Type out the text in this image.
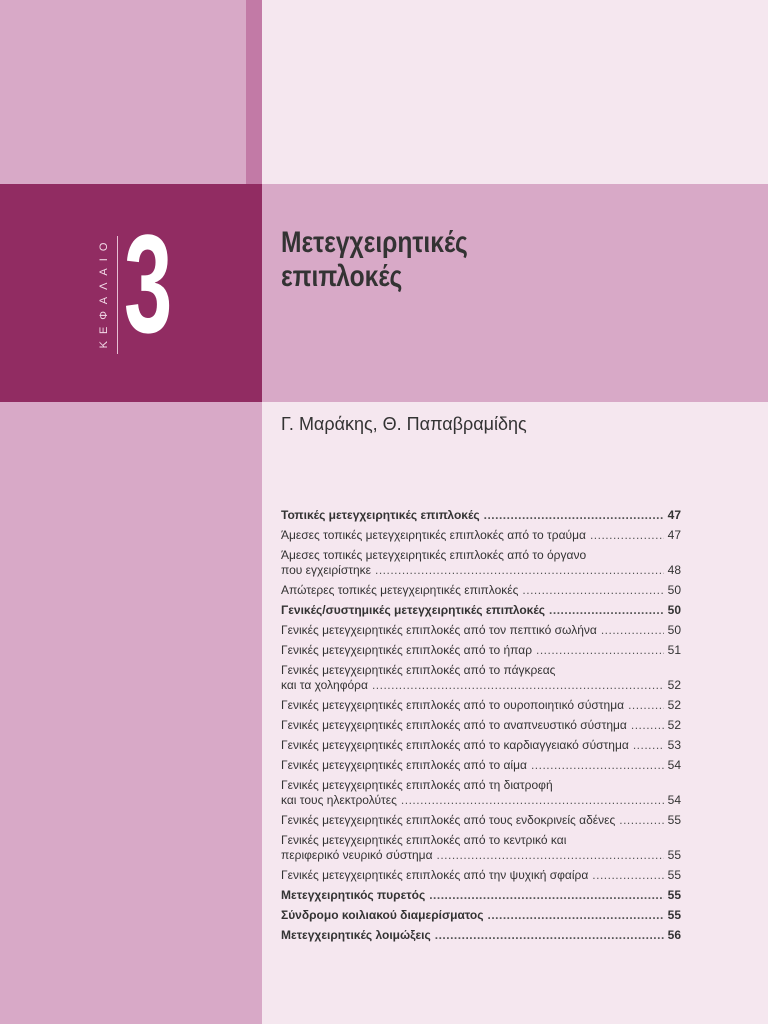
ΚΕΦΑΛΑΙΟ 3	Μετεγχειρητικές
επιπλοκές
Γ. Μαράκης, Θ. Παπαβραμίδης
Τοπικές μετεγχειρητικές επιπλοκές .....	47
Άμεσες τοπικές μετεγχειρητικές επιπλοκές από το τραύμα .....	47
Άμεσες τοπικές μετεγχειρητικές επιπλοκές από το όργανο
που εγχειρίστηκε .....	48
Απώτερες τοπικές μετεγχειρητικές επιπλοκές .....	50
Γενικές/συστημικές μετεγχειρητικές επιπλοκές .....	50
Γενικές μετεγχειρητικές επιπλοκές από τον πεπτικό σωλήνα .....	50
Γενικές μετεγχειρητικές επιπλοκές από το ήπαρ .....	51
Γενικές μετεγχειρητικές επιπλοκές από το πάγκρεας
και τα χοληφόρα .....	52
Γενικές μετεγχειρητικές επιπλοκές από το ουροποιητικό σύστημα .....	52
Γενικές μετεγχειρητικές επιπλοκές από το αναπνευστικό σύστημα .....	52
Γενικές μετεγχειρητικές επιπλοκές από το καρδιαγγειακό σύστημα .....	53
Γενικές μετεγχειρητικές επιπλοκές από το αίμα .....	54
Γενικές μετεγχειρητικές επιπλοκές από τη διατροφή
και τους ηλεκτρολύτες .....	54
Γενικές μετεγχειρητικές επιπλοκές από τους ενδοκρινείς αδένες .....	55
Γενικές μετεγχειρητικές επιπλοκές από το κεντρικό και
περιφερικό νευρικό σύστημα .....	55
Γενικές μετεγχειρητικές επιπλοκές από την ψυχική σφαίρα .....	55
Μετεγχειρητικός πυρετός .....	55
Σύνδρομο κοιλιακού διαμερίσματος .....	55
Μετεγχειρητικές λοιμώξεις .....	56
